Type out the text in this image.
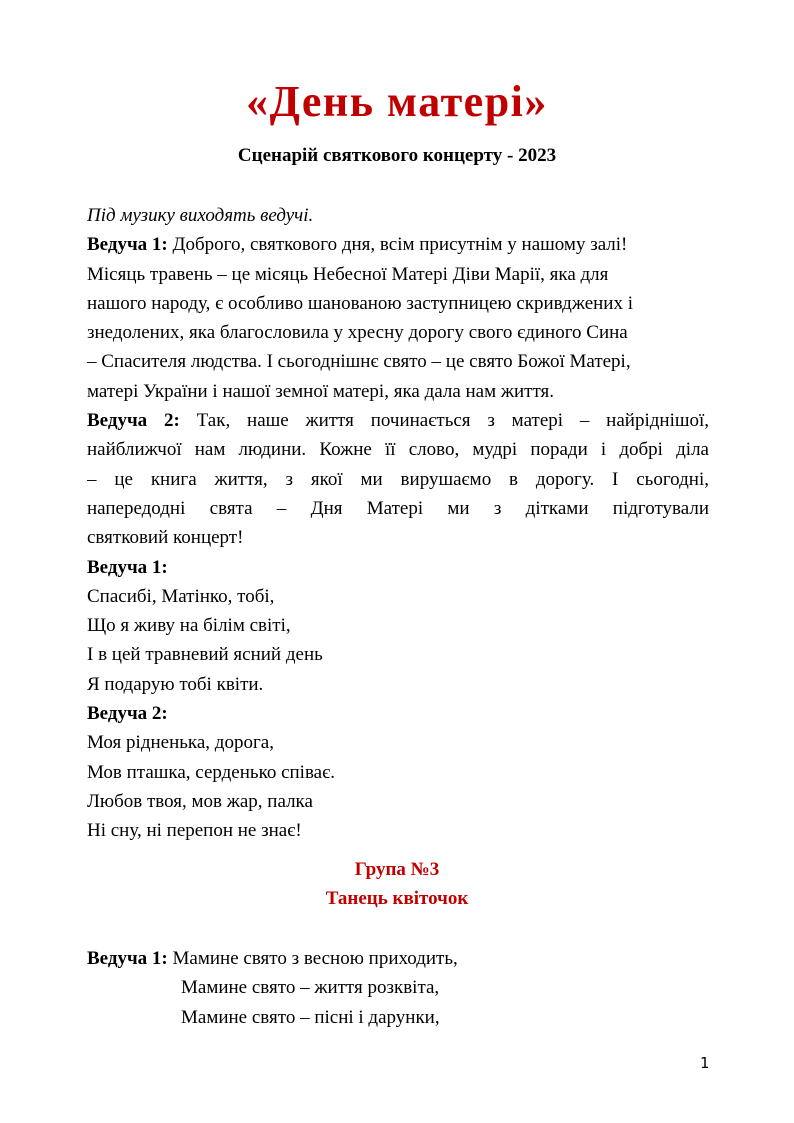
«День матері»
Сценарій святкового концерту - 2023
Під музику виходять ведучі.
Ведуча 1: Доброго, святкового дня, всім присутнім у нашому залі!
Місяць травень – це місяць Небесної Матері Діви Марії, яка для
нашого народу, є особливо шанованою заступницею скривджених і
знедолених, яка благословила у хресну дорогу свого єдиного Сина
– Спасителя людства. І сьогоднішнє свято – це свято Божої Матері,
матері України і нашої земної матері, яка дала нам життя.
Ведуча 2: Так, наше життя починається з матері – найріднішої,
найближчої нам людини. Кожне її слово, мудрі поради і добрі діла
– це книга життя, з якої ми вирушаємо в дорогу. І сьогодні,
напередодні свята – Дня Матері ми з дітками підготували
святковий концерт!
Ведуча 1:
Спасибі, Матінко, тобі,
Що я живу на білім світі,
І в цей травневий ясний день
Я подарую тобі квіти.
Ведуча 2:
Моя рідненька, дорога,
Мов пташка, серденько співає.
Любов твоя, мов жар, палка
Ні сну, ні перепон не знає!
Група №3
Танець квіточок
Ведуча 1: Мамине свято з весною приходить,
Мамине свято – життя розквіта,
Мамине свято – пісні і дарунки,
1
